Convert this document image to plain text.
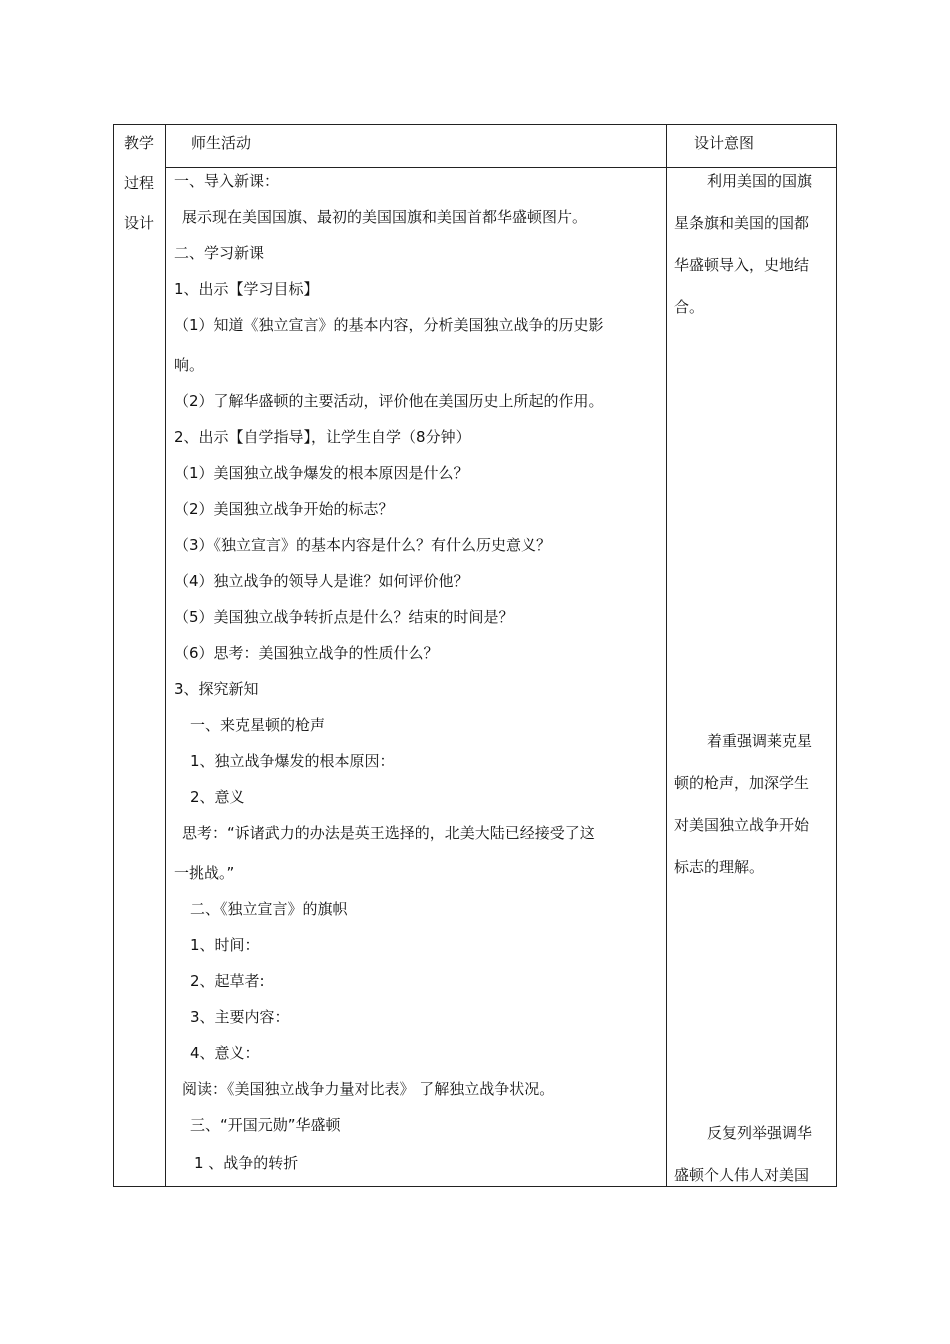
教学
过程
设计
师生活动	设计意图
一、导入新课：
展示现在美国国旗、最初的美国国旗和美国首都华盛顿图片。
二、学习新课
1、出示【学习目标】
（1）知道《独立宣言》的基本内容，分析美国独立战争的历史影
响。
（2）了解华盛顿的主要活动，评价他在美国历史上所起的作用。
2、出示【自学指导】，让学生自学（8分钟）
（1）美国独立战争爆发的根本原因是什么？
（2）美国独立战争开始的标志？
（3）《独立宣言》的基本内容是什么？有什么历史意义？
（4）独立战争的领导人是谁？如何评价他？
（5）美国独立战争转折点是什么？结束的时间是？
（6）思考：美国独立战争的性质什么？
3、探究新知
一、来克星顿的枪声
1、独立战争爆发的根本原因：
2、意义
思考：“诉诸武力的办法是英王选择的，北美大陆已经接受了这
一挑战。”
二、《独立宣言》的旗帜
1、时间：
2、起草者:
3、主要内容：
4、意义：
阅读：《美国独立战争力量对比表》 了解独立战争状况。
三、“开国元勋”华盛顿
1 、战争的转折
利用美国的国旗
星条旗和美国的国都
华盛顿导入，史地结
合。
着重强调莱克星
顿的枪声，加深学生
对美国独立战争开始
标志的理解。
反复列举强调华
盛顿个人伟人对美国
